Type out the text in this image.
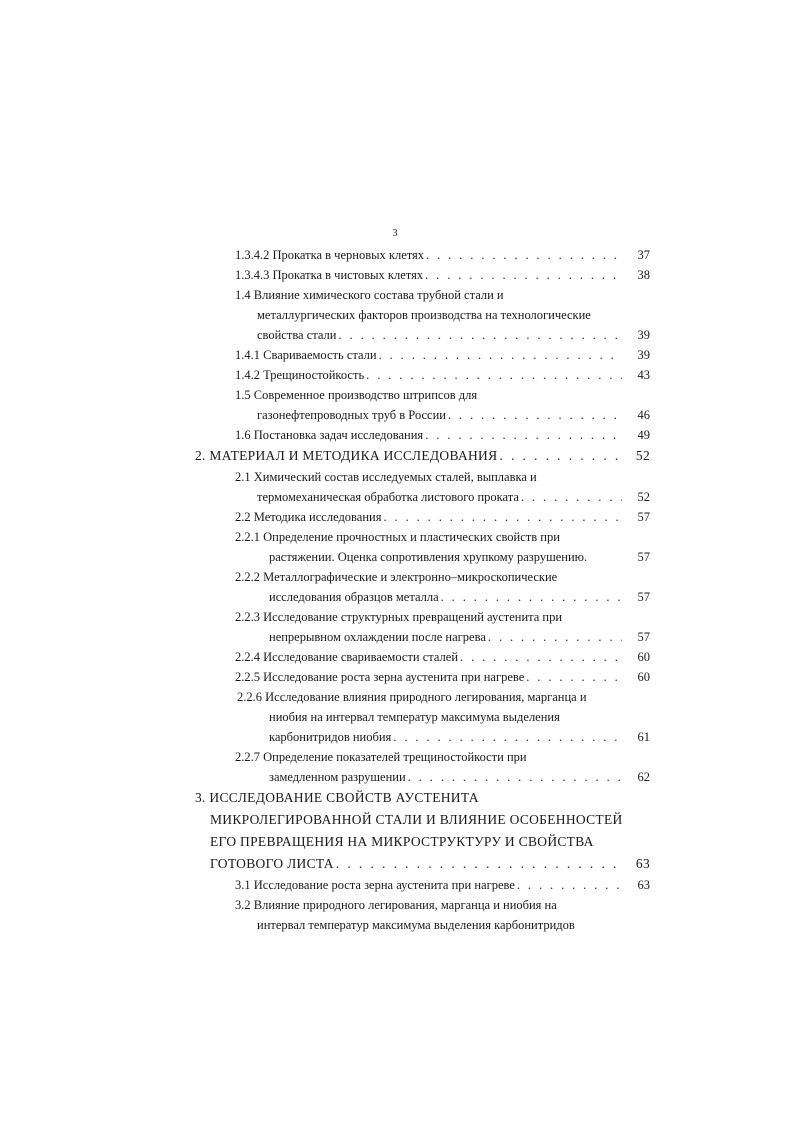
3
1.3.4.2 Прокатка в черновых клетях . . .	37
1.3.4.3 Прокатка в чистовых клетях . . .	38
1.4 Влияние химического состава трубной стали и
металлургических факторов производства на технологические
свойства стали . . .	39
1.4.1 Свариваемость стали . . .	39
1.4.2 Трещиностойкость . . .	43
1.5 Современное производство штрипсов для
газонефтепроводных труб в России . . .	46
1.6 Постановка задач исследования . . .	49
2. МАТЕРИАЛ И МЕТОДИКА ИССЛЕДОВАНИЯ . . .	52
2.1 Химический состав исследуемых сталей, выплавка и
термомеханическая обработка листового проката . . .	52
2.2 Методика исследования . . .	57
2.2.1 Определение прочностных и пластических свойств при
растяжении. Оценка сопротивления хрупкому разрушению.	57
2.2.2 Металлографические и электронно–микроскопические
исследования образцов металла . . .	57
2.2.3 Исследование структурных превращений аустенита при
непрерывном охлаждении после нагрева . . .	57
2.2.4 Исследование свариваемости сталей . . .	60
2.2.5 Исследование роста зерна аустенита при нагреве . . .	60
2.2.6 Исследование влияния природного легирования, марганца и
ниобия на интервал температур максимума выделения
карбонитридов ниобия . . .	61
2.2.7 Определение показателей трещиностойкости при
замедленном разрушении . . .	62
3. ИССЛЕДОВАНИЕ СВОЙСТВ АУСТЕНИТА
МИКРОЛЕГИРОВАННОЙ СТАЛИ И ВЛИЯНИЕ ОСОБЕННОСТЕЙ
ЕГО ПРЕВРАЩЕНИЯ НА МИКРОСТРУКТУРУ И СВОЙСТВА
ГОТОВОГО ЛИСТА . . .	63
3.1 Исследование роста зерна аустенита при нагреве . . .	63
3.2 Влияние природного легирования, марганца и ниобия на
интервал температур максимума выделения карбонитридов
